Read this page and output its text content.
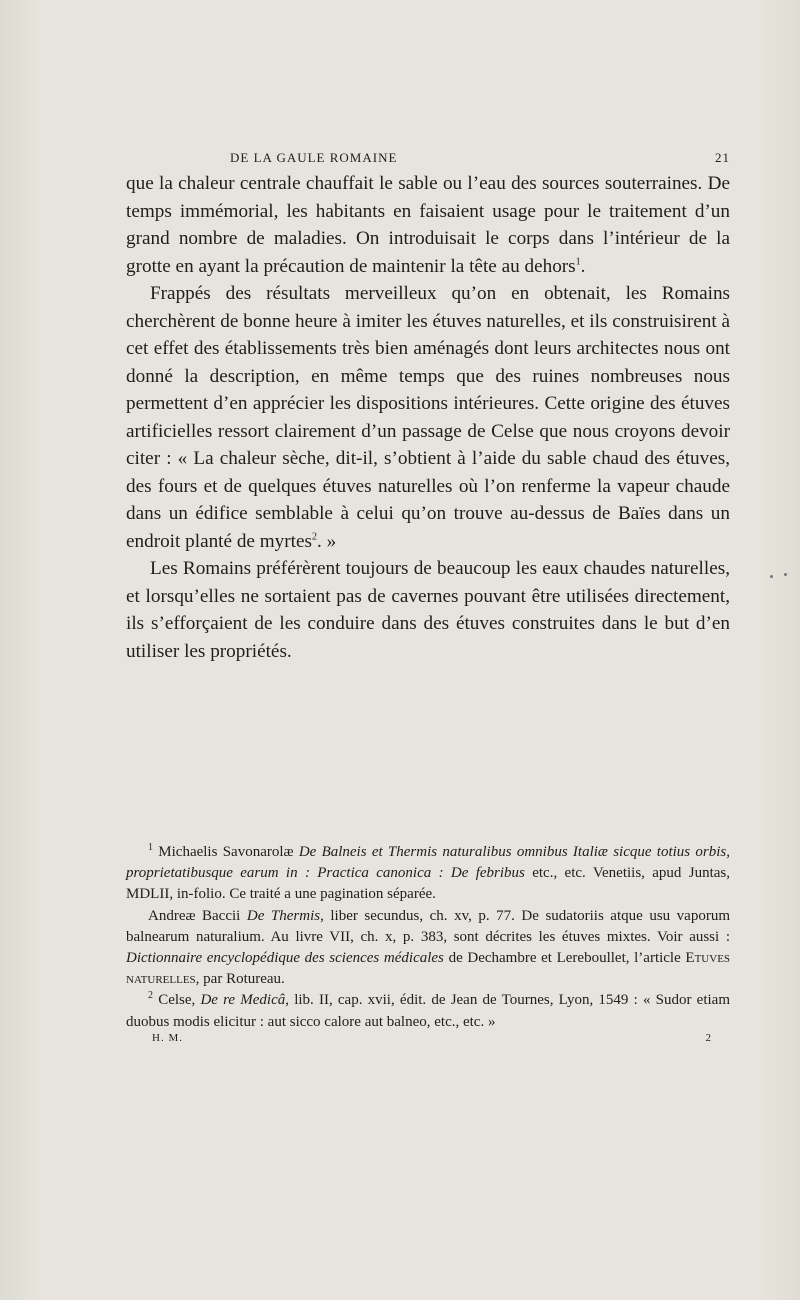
DE LA GAULE ROMAINE	21

que la chaleur centrale chauffait le sable ou l’eau des sources souterraines. De temps immémorial, les habitants en faisaient usage pour le traitement d’un grand nombre de maladies. On introduisait le corps dans l’intérieur de la grotte en ayant la précaution de maintenir la tête au dehors$^1$.

Frappés des résultats merveilleux qu’on en obtenait, les Romains cherchèrent de bonne heure à imiter les étuves naturelles, et ils construisirent à cet effet des établissements très bien aménagés dont leurs architectes nous ont donné la description, en même temps que des ruines nombreuses nous permettent d’en apprécier les dispositions intérieures. Cette origine des étuves artificielles ressort clairement d’un passage de Celse que nous croyons devoir citer : « La chaleur sèche, dit-il, s’obtient à l’aide du sable chaud des étuves, des fours et de quelques étuves naturelles où l’on renferme la vapeur chaude dans un édifice semblable à celui qu’on trouve au-dessus de Baïes dans un endroit planté de myrtes$^2$. »

Les Romains préférèrent toujours de beaucoup les eaux chaudes naturelles, et lorsqu’elles ne sortaient pas de cavernes pouvant être utilisées directement, ils s’efforçaient de les conduire dans des étuves construites dans le but d’en utiliser les propriétés.

$^1$ Michaelis Savonarolæ De Balneis et Thermis naturalibus omnibus Italiæ sicque totius orbis, proprietatibusque earum in : Practica canonica : De febribus etc., etc. Venetiis, apud Juntas, MDLII, in-folio. Ce traité a une pagination séparée.

Andreæ Baccii De Thermis, liber secundus, ch. xv, p. 77. De sudatoriis atque usu vaporum balnearum naturalium. Au livre VII, ch. x, p. 383, sont décrites les étuves mixtes. Voir aussi : Dictionnaire encyclopédique des sciences médicales de Dechambre et Lereboullet, l’article Etuves naturelles, par Rotureau.

$^2$ Celse, De re Medicâ, lib. II, cap. xvii, édit. de Jean de Tournes, Lyon, 1549 : « Sudor etiam duobus modis elicitur : aut sicco calore aut balneo, etc., etc. »

H. M.	2
